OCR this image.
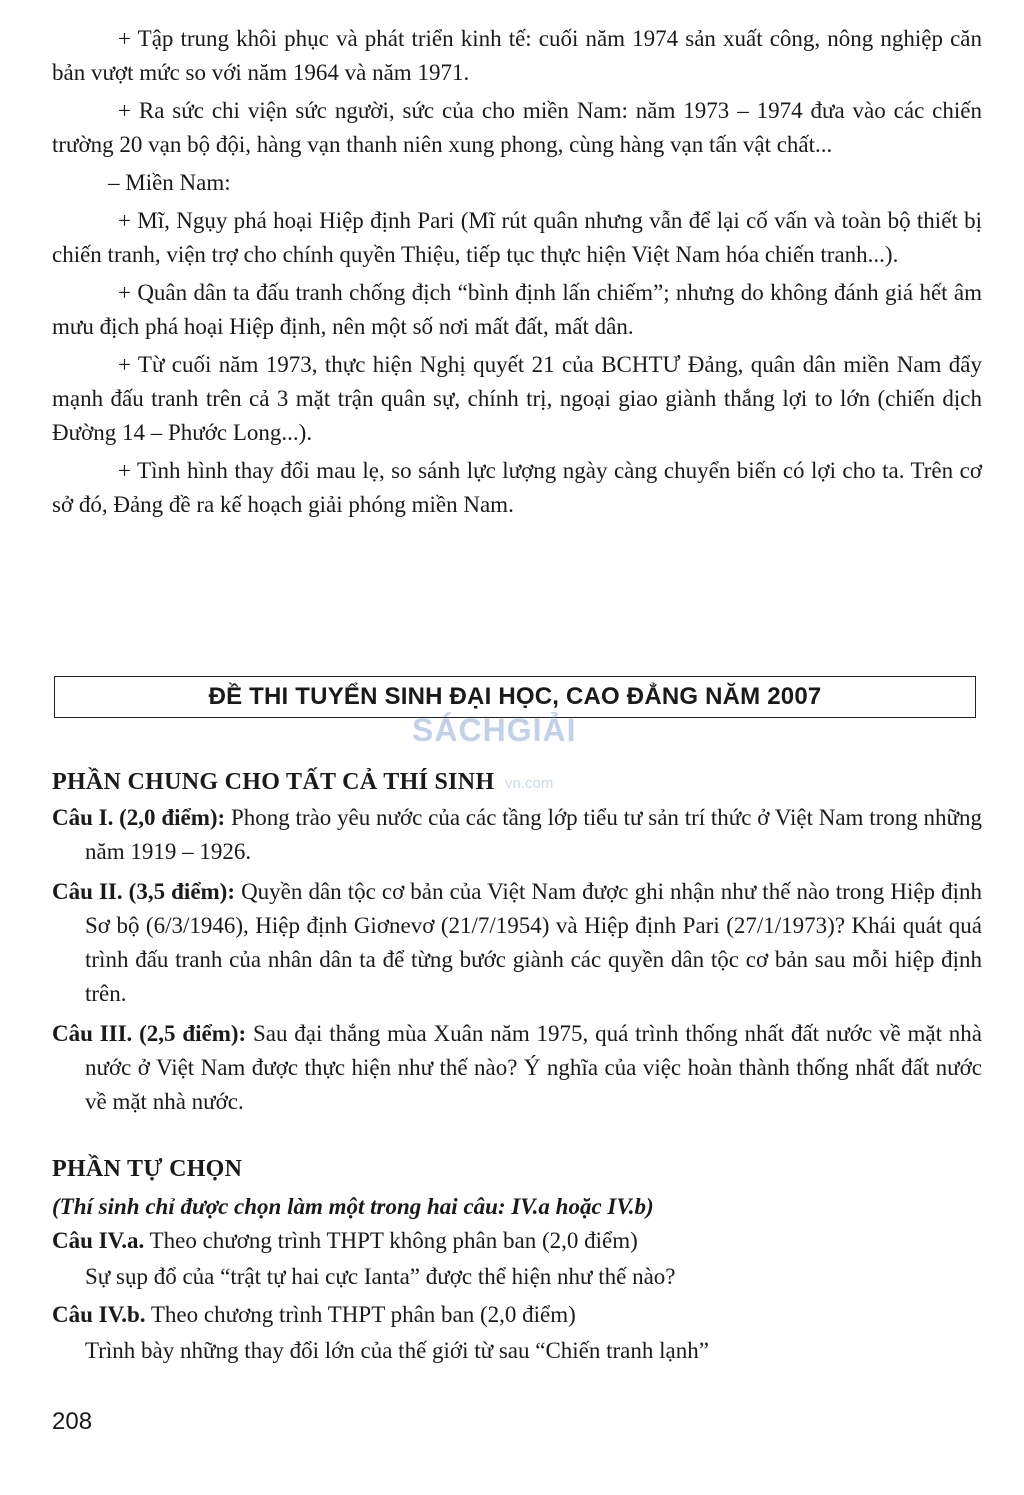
+ Tập trung khôi phục và phát triển kinh tế: cuối năm 1974 sản xuất công, nông nghiệp căn bản vượt mức so với năm 1964 và năm 1971.

+ Ra sức chi viện sức người, sức của cho miền Nam: năm 1973 – 1974 đưa vào các chiến trường 20 vạn bộ đội, hàng vạn thanh niên xung phong, cùng hàng vạn tấn vật chất...

– Miền Nam:

+ Mĩ, Ngụy phá hoại Hiệp định Pari (Mĩ rút quân nhưng vẫn để lại cố vấn và toàn bộ thiết bị chiến tranh, viện trợ cho chính quyền Thiệu, tiếp tục thực hiện Việt Nam hóa chiến tranh...).

+ Quân dân ta đấu tranh chống địch “bình định lấn chiếm”; nhưng do không đánh giá hết âm mưu địch phá hoại Hiệp định, nên một số nơi mất đất, mất dân.

+ Từ cuối năm 1973, thực hiện Nghị quyết 21 của BCHTƯ Đảng, quân dân miền Nam đẩy mạnh đấu tranh trên cả 3 mặt trận quân sự, chính trị, ngoại giao giành thắng lợi to lớn (chiến dịch Đường 14 – Phước Long...).

+ Tình hình thay đổi mau lẹ, so sánh lực lượng ngày càng chuyển biến có lợi cho ta. Trên cơ sở đó, Đảng đề ra kế hoạch giải phóng miền Nam.

ĐỀ THI TUYỂN SINH ĐẠI HỌC, CAO ĐẲNG NĂM 2007
SÁCHGIẢI
vn.com

PHẦN CHUNG CHO TẤT CẢ THÍ SINH

Câu I. (2,0 điểm): Phong trào yêu nước của các tầng lớp tiểu tư sản trí thức ở Việt Nam trong những năm 1919 – 1926.

Câu II. (3,5 điểm): Quyền dân tộc cơ bản của Việt Nam được ghi nhận như thế nào trong Hiệp định Sơ bộ (6/3/1946), Hiệp định Giơnevơ (21/7/1954) và Hiệp định Pari (27/1/1973)? Khái quát quá trình đấu tranh của nhân dân ta để từng bước giành các quyền dân tộc cơ bản sau mỗi hiệp định trên.

Câu III. (2,5 điểm): Sau đại thắng mùa Xuân năm 1975, quá trình thống nhất đất nước về mặt nhà nước ở Việt Nam được thực hiện như thế nào? Ý nghĩa của việc hoàn thành thống nhất đất nước về mặt nhà nước.

PHẦN TỰ CHỌN

(Thí sinh chỉ được chọn làm một trong hai câu: IV.a hoặc IV.b)

Câu IV.a. Theo chương trình THPT không phân ban (2,0 điểm)

Sự sụp đổ của “trật tự hai cực Ianta” được thể hiện như thế nào?

Câu IV.b. Theo chương trình THPT phân ban (2,0 điểm)

Trình bày những thay đổi lớn của thế giới từ sau “Chiến tranh lạnh”

208
